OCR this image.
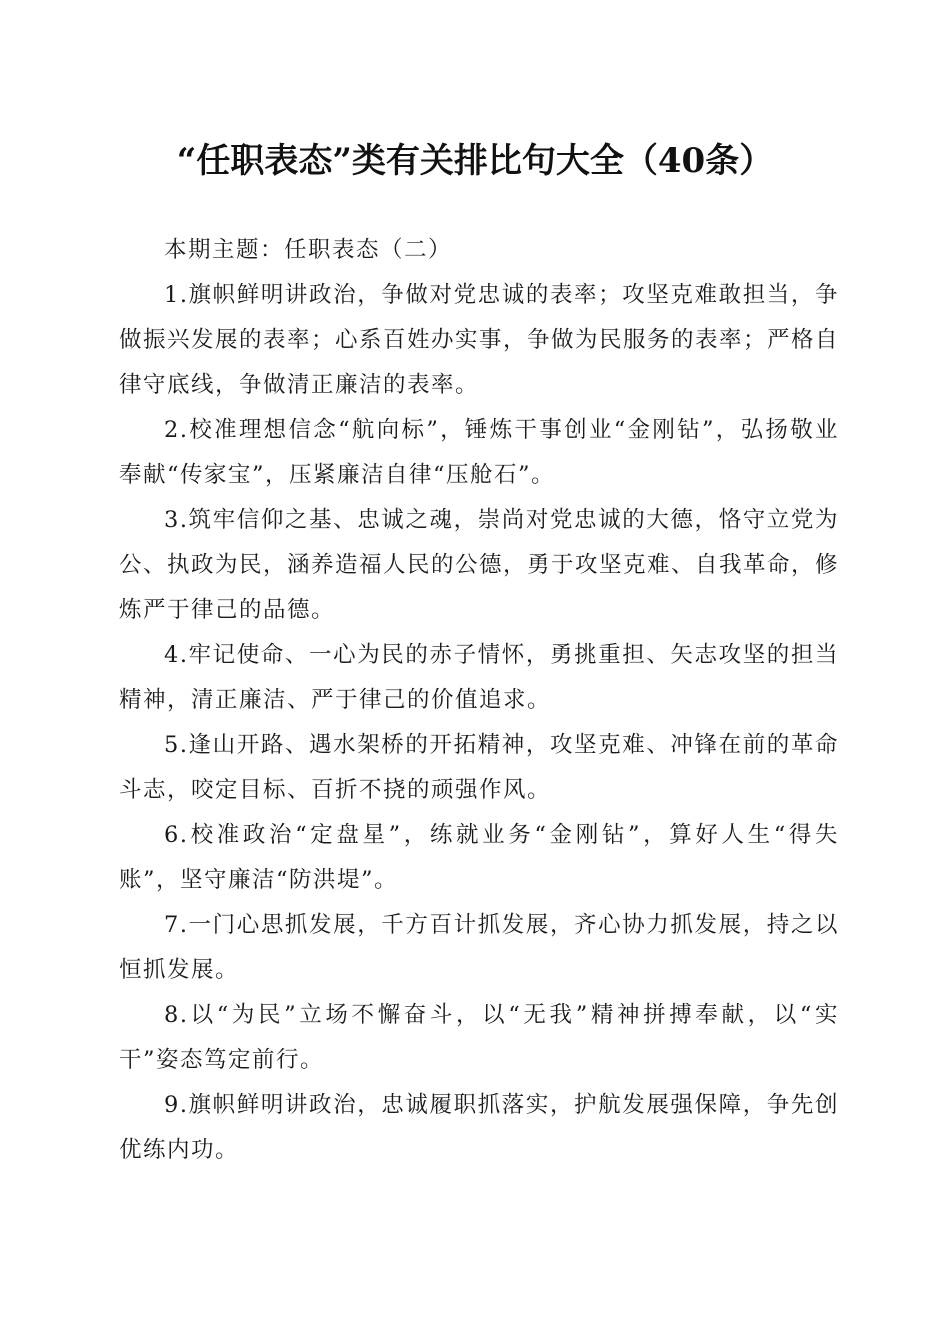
“任职表态”类有关排比句大全（40条）

本期主题：任职表态（二）

1.旗帜鲜明讲政治，争做对党忠诚的表率；攻坚克难敢担当，争做振兴发展的表率；心系百姓办实事，争做为民服务的表率；严格自律守底线，争做清正廉洁的表率。

2.校准理想信念“航向标”，锤炼干事创业“金刚钻”，弘扬敬业奉献“传家宝”，压紧廉洁自律“压舱石”。

3.筑牢信仰之基、忠诚之魂，崇尚对党忠诚的大德，恪守立党为公、执政为民，涵养造福人民的公德，勇于攻坚克难、自我革命，修炼严于律己的品德。

4.牢记使命、一心为民的赤子情怀，勇挑重担、矢志攻坚的担当精神，清正廉洁、严于律己的价值追求。

5.逢山开路、遇水架桥的开拓精神，攻坚克难、冲锋在前的革命斗志，咬定目标、百折不挠的顽强作风。

6.校准政治“定盘星”，练就业务“金刚钻”，算好人生“得失账”，坚守廉洁“防洪堤”。

7.一门心思抓发展，千方百计抓发展，齐心协力抓发展，持之以恒抓发展。

8.以“为民”立场不懈奋斗，以“无我”精神拼搏奉献，以“实干”姿态笃定前行。

9.旗帜鲜明讲政治，忠诚履职抓落实，护航发展强保障，争先创优练内功。
